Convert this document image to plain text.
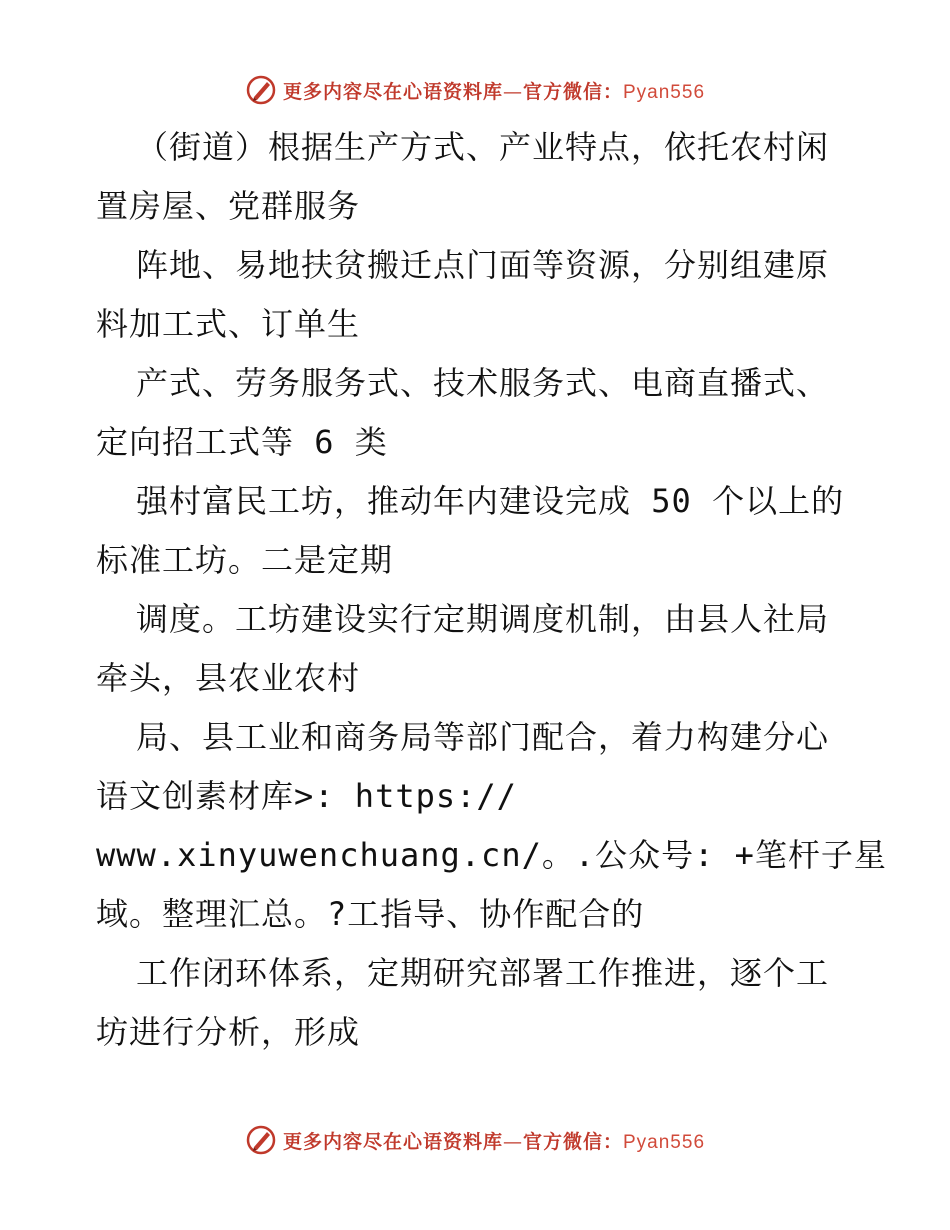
更多内容尽在心语资料库—官方微信：Pyan556
（街道）根据生产方式、产业特点，依托农村闲
置房屋、党群服务
阵地、易地扶贫搬迁点门面等资源，分别组建原
料加工式、订单生
产式、劳务服务式、技术服务式、电商直播式、
定向招工式等 6 类
强村富民工坊，推动年内建设完成 50 个以上的
标准工坊。二是定期
调度。工坊建设实行定期调度机制，由县人社局
牵头，县农业农村
局、县工业和商务局等部门配合，着力构建分心
语文创素材库>: https://
www.xinyuwenchuang.cn/。.公众号: +笔杆子星
域。整理汇总。?工指导、协作配合的
工作闭环体系，定期研究部署工作推进，逐个工
坊进行分析，形成
更多内容尽在心语资料库—官方微信：Pyan556
